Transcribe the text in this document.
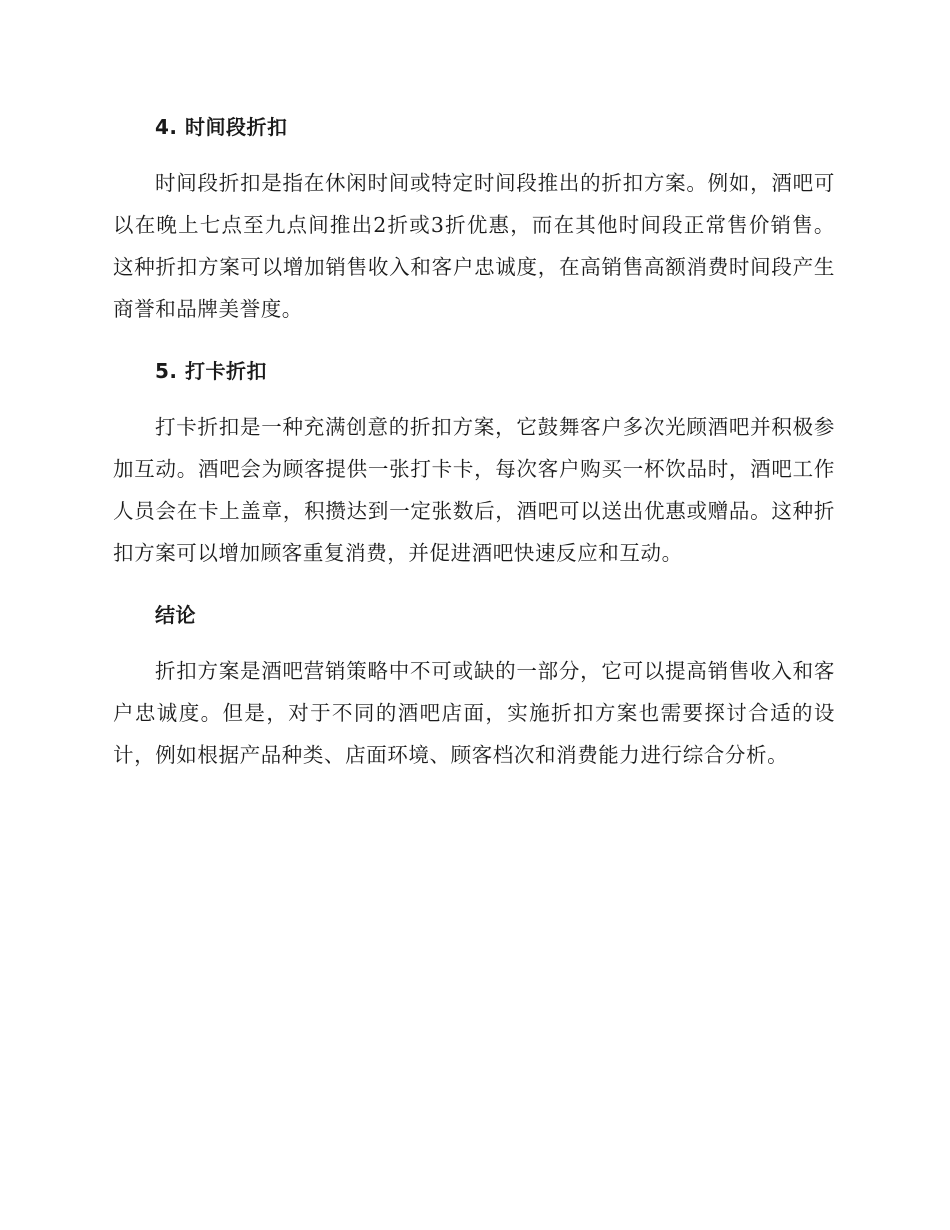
4. 时间段折扣

时间段折扣是指在休闲时间或特定时间段推出的折扣方案。例如，酒吧可以在晚上七点至九点间推出2折或3折优惠，而在其他时间段正常售价销售。这种折扣方案可以增加销售收入和客户忠诚度，在高销售高额消费时间段产生商誉和品牌美誉度。

5. 打卡折扣

打卡折扣是一种充满创意的折扣方案，它鼓舞客户多次光顾酒吧并积极参加互动。酒吧会为顾客提供一张打卡卡，每次客户购买一杯饮品时，酒吧工作人员会在卡上盖章，积攒达到一定张数后，酒吧可以送出优惠或赠品。这种折扣方案可以增加顾客重复消费，并促进酒吧快速反应和互动。

结论

折扣方案是酒吧营销策略中不可或缺的一部分，它可以提高销售收入和客户忠诚度。但是，对于不同的酒吧店面，实施折扣方案也需要探讨合适的设计，例如根据产品种类、店面环境、顾客档次和消费能力进行综合分析。
